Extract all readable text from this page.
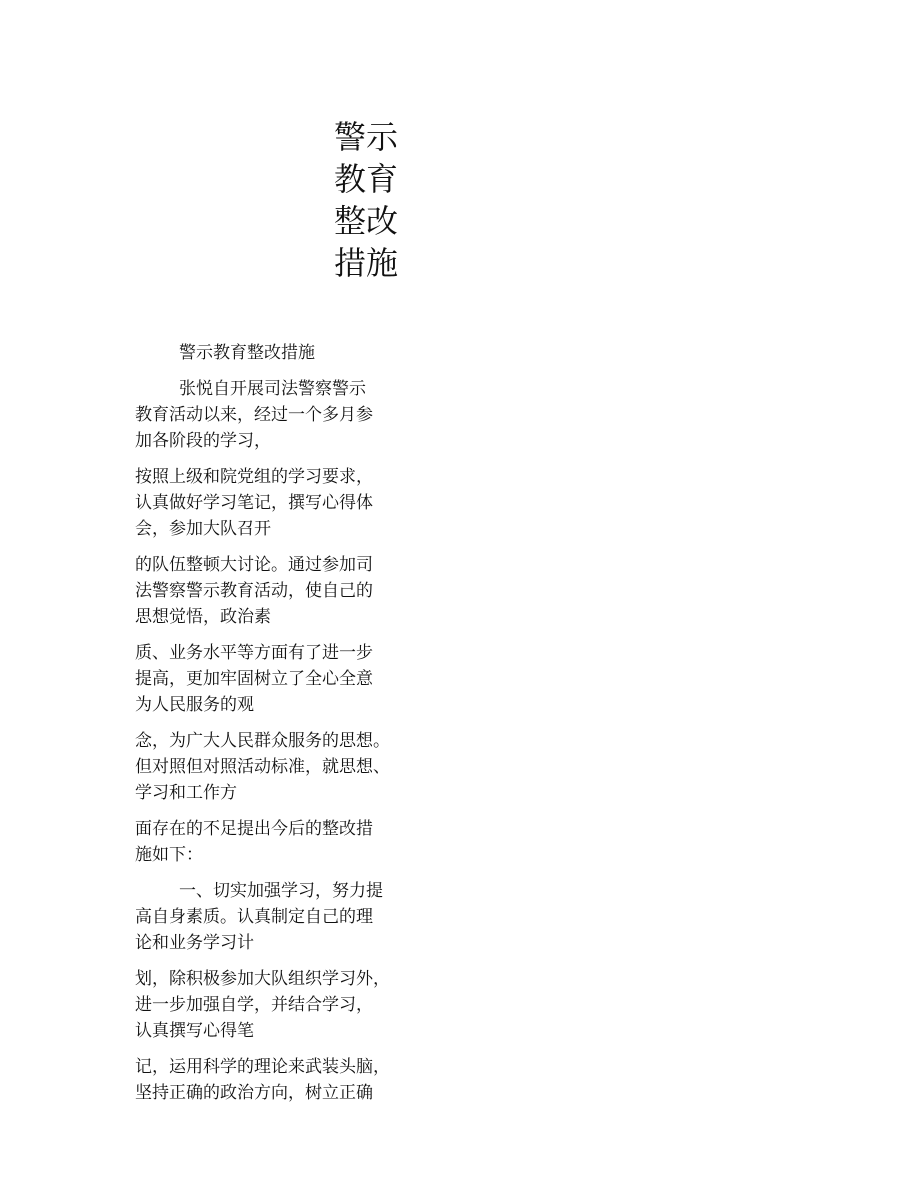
警示
教育
整改
措施

警示教育整改措施

张悦自开展司法警察警示
教育活动以来，经过一个多月参
加各阶段的学习，

按照上级和院党组的学习要求，
认真做好学习笔记，撰写心得体
会，参加大队召开

的队伍整顿大讨论。通过参加司
法警察警示教育活动，使自己的
思想觉悟，政治素

质、业务水平等方面有了进一步
提高，更加牢固树立了全心全意
为人民服务的观

念，为广大人民群众服务的思想。
但对照但对照活动标准，就思想、
学习和工作方

面存在的不足提出今后的整改措
施如下：

一、切实加强学习，努力提
高自身素质。认真制定自己的理
论和业务学习计

划，除积极参加大队组织学习外，
进一步加强自学，并结合学习，
认真撰写心得笔

记，运用科学的理论来武装头脑，
坚持正确的政治方向，树立正确
